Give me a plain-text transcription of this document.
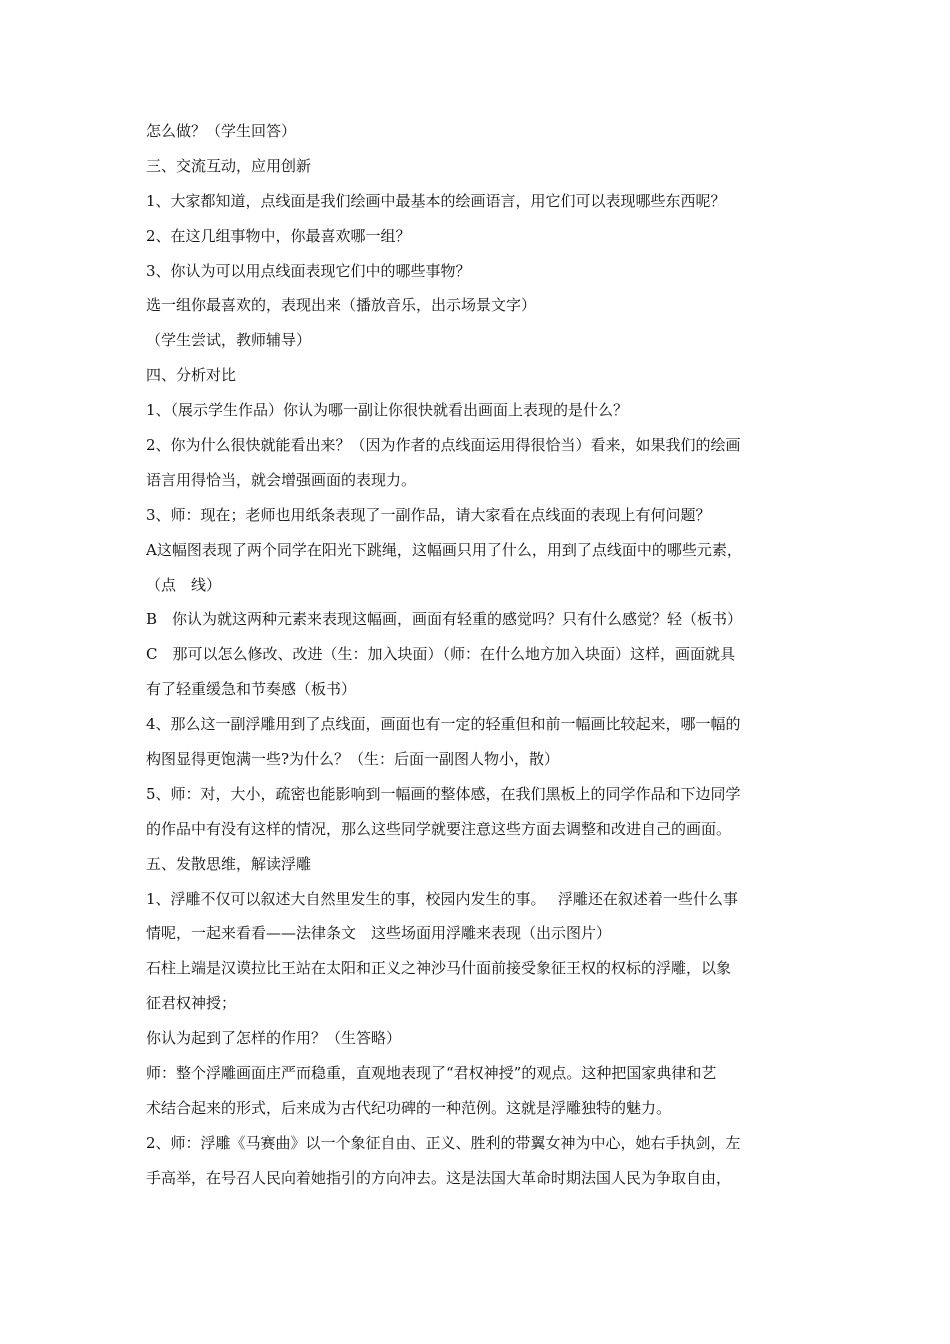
怎么做？（学生回答）
三、交流互动，应用创新
1、大家都知道，点线面是我们绘画中最基本的绘画语言，用它们可以表现哪些东西呢？
2、在这几组事物中，你最喜欢哪一组？
3、你认为可以用点线面表现它们中的哪些事物？
选一组你最喜欢的，表现出来（播放音乐，出示场景文字）
（学生尝试，教师辅导）
四、分析对比
1、（展示学生作品）你认为哪一副让你很快就看出画面上表现的是什么？
2、你为什么很快就能看出来？（因为作者的点线面运用得很恰当）看来，如果我们的绘画
语言用得恰当，就会增强画面的表现力。
3、师：现在；老师也用纸条表现了一副作品，请大家看在点线面的表现上有何问题？
A这幅图表现了两个同学在阳光下跳绳，这幅画只用了什么，用到了点线面中的哪些元素，
（点　线）
B　你认为就这两种元素来表现这幅画，画面有轻重的感觉吗？只有什么感觉？轻（板书）
C　那可以怎么修改、改进（生：加入块面）（师：在什么地方加入块面）这样，画面就具
有了轻重缓急和节奏感（板书）
4、那么这一副浮雕用到了点线面，画面也有一定的轻重但和前一幅画比较起来，哪一幅的
构图显得更饱满一些?为什么？（生：后面一副图人物小，散）
5、师：对，大小，疏密也能影响到一幅画的整体感，在我们黑板上的同学作品和下边同学
的作品中有没有这样的情况，那么这些同学就要注意这些方面去调整和改进自己的画面。
五、发散思维，解读浮雕
1、浮雕不仅可以叙述大自然里发生的事，校园内发生的事。　 浮雕还在叙述着一些什么事
情呢，一起来看看——法律条文　这些场面用浮雕来表现（出示图片）
石柱上端是汉谟拉比王站在太阳和正义之神沙马什面前接受象征王权的权标的浮雕，以象
征君权神授；
你认为起到了怎样的作用？（生答略）
师：整个浮雕画面庄严而稳重，直观地表现了“君权神授”的观点。这种把国家典律和艺
术结合起来的形式，后来成为古代纪功碑的一种范例。这就是浮雕独特的魅力。
2、师：浮雕《马赛曲》以一个象征自由、正义、胜利的带翼女神为中心，她右手执剑，左
手高举，在号召人民向着她指引的方向冲去。这是法国大革命时期法国人民为争取自由，
